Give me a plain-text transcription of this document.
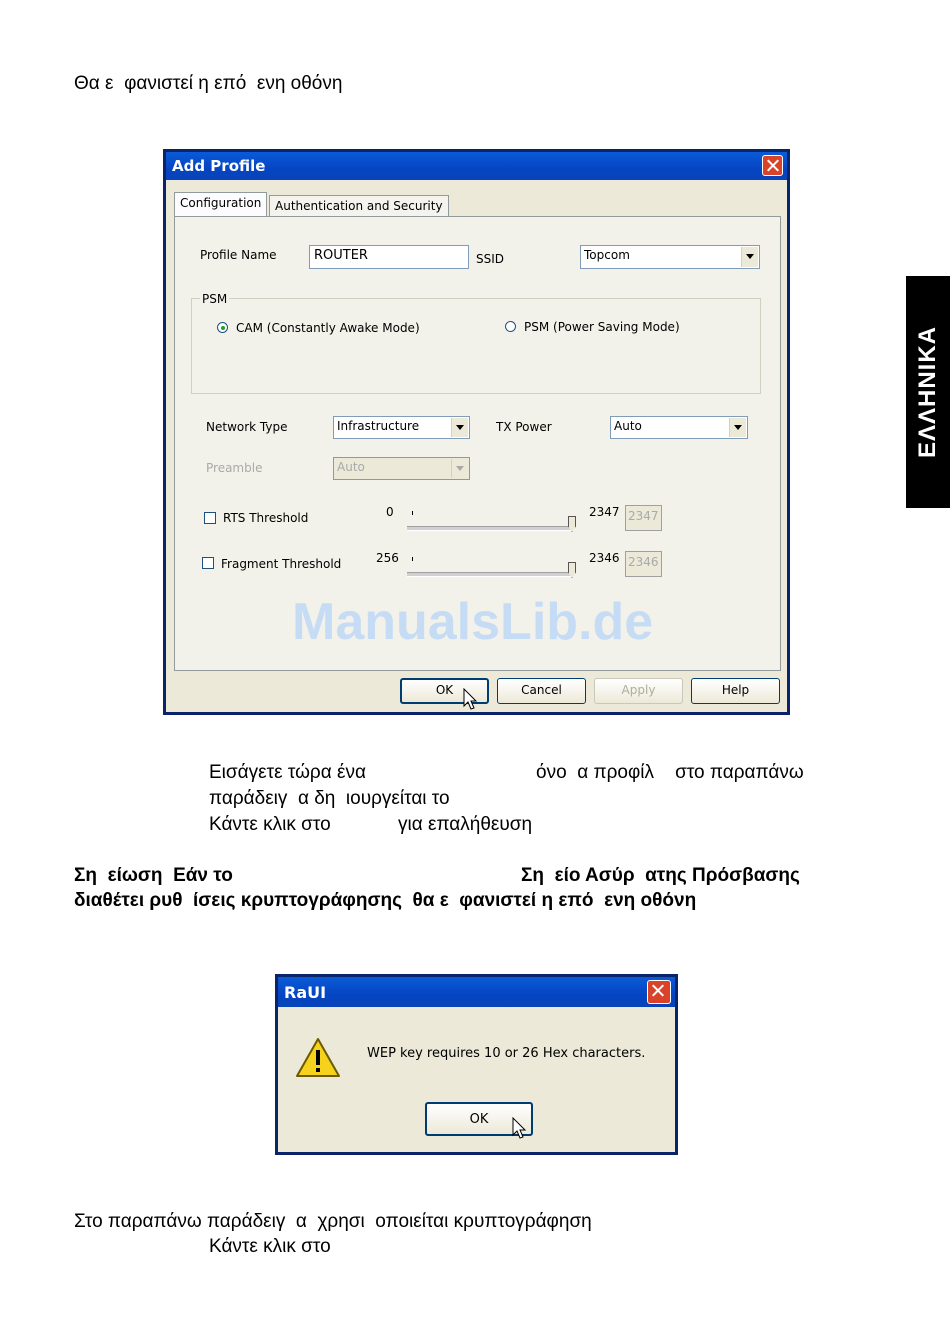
Θα ε  φανιστεί η επό  ενη οθόνη
Add Profile
Configuration	Authentication and Security
Profile Name	ROUTER	SSID	Topcom
PSM
CAM (Constantly Awake Mode)	PSM (Power Saving Mode)
Network Type	Infrastructure	TX Power	Auto
Preamble	Auto
RTS Threshold	0	2347 2347
Fragment Threshold	256	2346 2346
ManualsLib.de
OK	Cancel	Apply	Help
Εισάγετε τώρα ένα	όνο  α προφίλ    στο παραπάνω
παράδειγ  α δη  ιουργείται το
Κάντε κλικ στο	για επαλήθευση
Ση  είωση  Εάν το	Ση  είο Ασύρ  ατης Πρόσβασης
διαθέτει ρυθ  ίσεις κρυπτογράφησης  θα ε  φανιστεί η επό  ενη οθόνη
RaUI
WEP key requires 10 or 26 Hex characters.
OK
Στο παραπάνω παράδειγ  α  χρησι  οποιείται κρυπτογράφηση
Κάντε κλικ στο
ΕΛΛΗΝΙΚΑ
